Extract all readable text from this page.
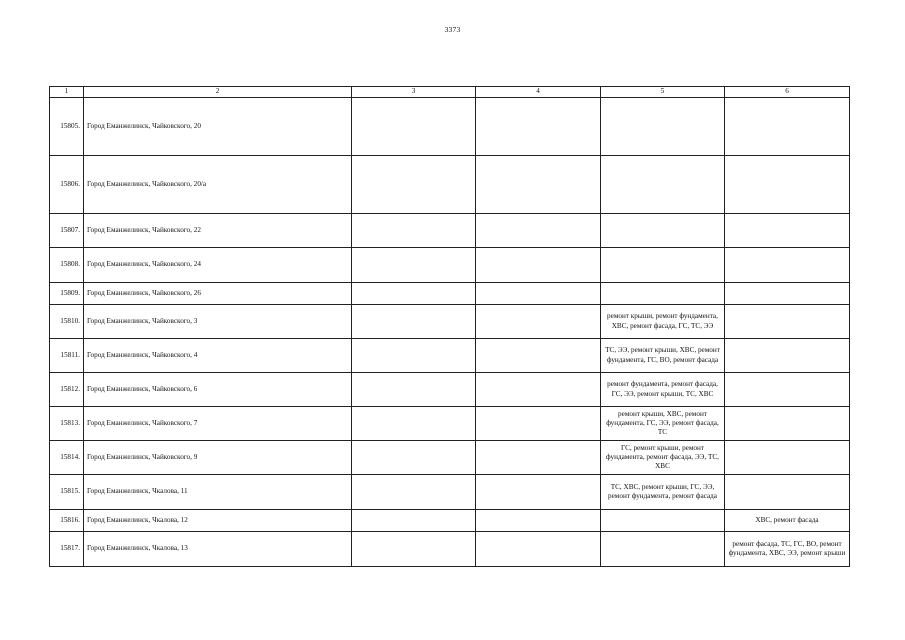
3373
1	2	3	4	5	6
15805.	Город Еманжелинск, Чайковского, 20				
15806.	Город Еманжелинск, Чайковского, 20/а				
15807.	Город Еманжелинск, Чайковского, 22				
15808.	Город Еманжелинск, Чайковского, 24				
15809.	Город Еманжелинск, Чайковского, 26				
15810.	Город Еманжелинск, Чайковского, 3			ремонт крыши, ремонт фундамента, ХВС, ремонт фасада, ГС, ТС, ЭЭ	
15811.	Город Еманжелинск, Чайковского, 4			ТС, ЭЭ, ремонт крыши, ХВС, ремонт фундамента, ГС, ВО, ремонт фасада	
15812.	Город Еманжелинск, Чайковского, 6			ремонт фундамента, ремонт фасада, ГС, ЭЭ, ремонт крыши, ТС, ХВС	
15813.	Город Еманжелинск, Чайковского, 7			ремонт крыши, ХВС, ремонт фундамента, ГС, ЭЭ, ремонт фасада, ТС	
15814.	Город Еманжелинск, Чайковского, 9			ГС, ремонт крыши, ремонт фундамента, ремонт фасада, ЭЭ, ТС, ХВС	
15815.	Город Еманжелинск, Чкалова, 11			ТС, ХВС, ремонт крыши, ГС, ЭЭ, ремонт фундамента, ремонт фасада	
15816.	Город Еманжелинск, Чкалова, 12				ХВС, ремонт фасада
15817.	Город Еманжелинск, Чкалова, 13				ремонт фасада, ТС, ГС, ВО, ремонт фундамента, ХВС, ЭЭ, ремонт крыши
